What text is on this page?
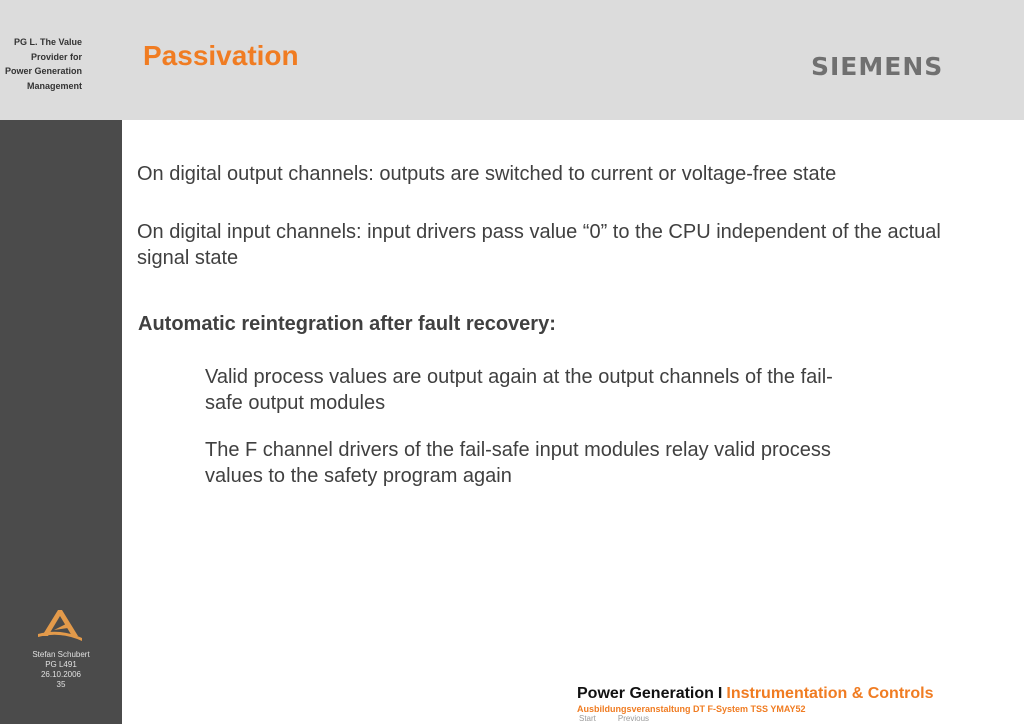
PG L. The Value
Provider for
Power Generation
Management
Passivation	SIEMENS
On digital output channels: outputs are switched to current or voltage-free state
On digital input channels: input drivers pass value “0” to the CPU independent of the actual signal state
Automatic reintegration after fault recovery:
Valid process values are output again at the output channels of the fail-safe output modules
The F channel drivers of the fail-safe input modules relay valid process values to the safety program again
Stefan Schubert
PG L491
26.10.2006
35
Power Generation I Instrumentation & Controls
Ausbildungsveranstaltung DT F-System TSS YMAY52
Start	Previous
